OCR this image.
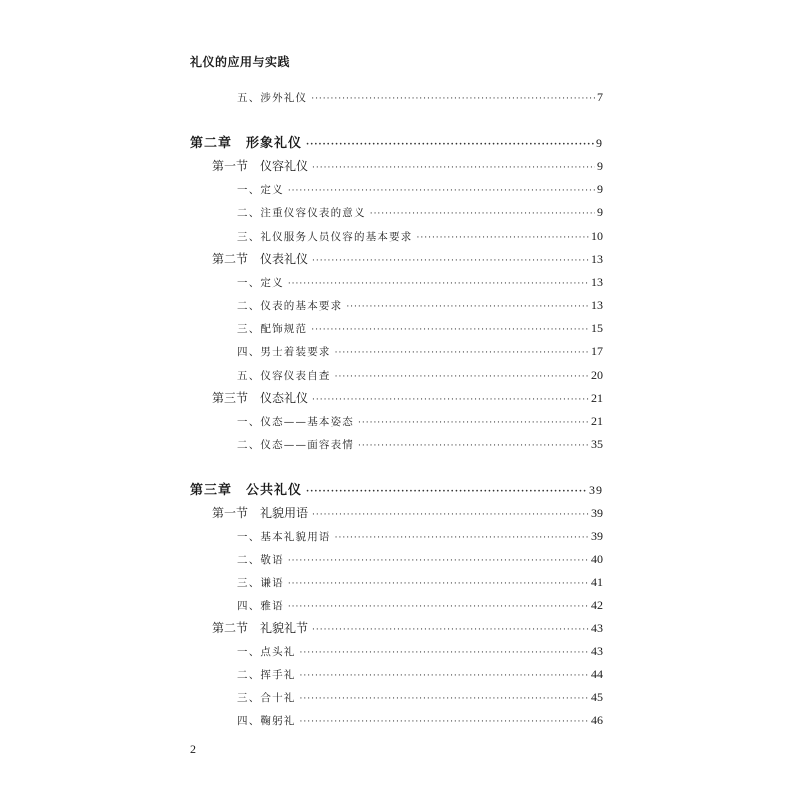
礼仪的应用与实践
五、涉外礼仪 ·····	7
第二章　形象礼仪 ·····	9
第一节　仪容礼仪 ·····	9
一、定义 ·····	9
二、注重仪容仪表的意义 ·····	9
三、礼仪服务人员仪容的基本要求 ·····	10
第二节　仪表礼仪 ·····	13
一、定义 ·····	13
二、仪表的基本要求 ·····	13
三、配饰规范 ·····	15
四、男士着装要求 ·····	17
五、仪容仪表自查 ·····	20
第三节　仪态礼仪 ·····	21
一、仪态——基本姿态 ·····	21
二、仪态——面容表情 ·····	35
第三章　公共礼仪 ·····	39
第一节　礼貌用语 ·····	39
一、基本礼貌用语 ·····	39
二、敬语 ·····	40
三、谦语 ·····	41
四、雅语 ·····	42
第二节　礼貌礼节 ·····	43
一、点头礼 ·····	43
二、挥手礼 ·····	44
三、合十礼 ·····	45
四、鞠躬礼 ·····	46
2
